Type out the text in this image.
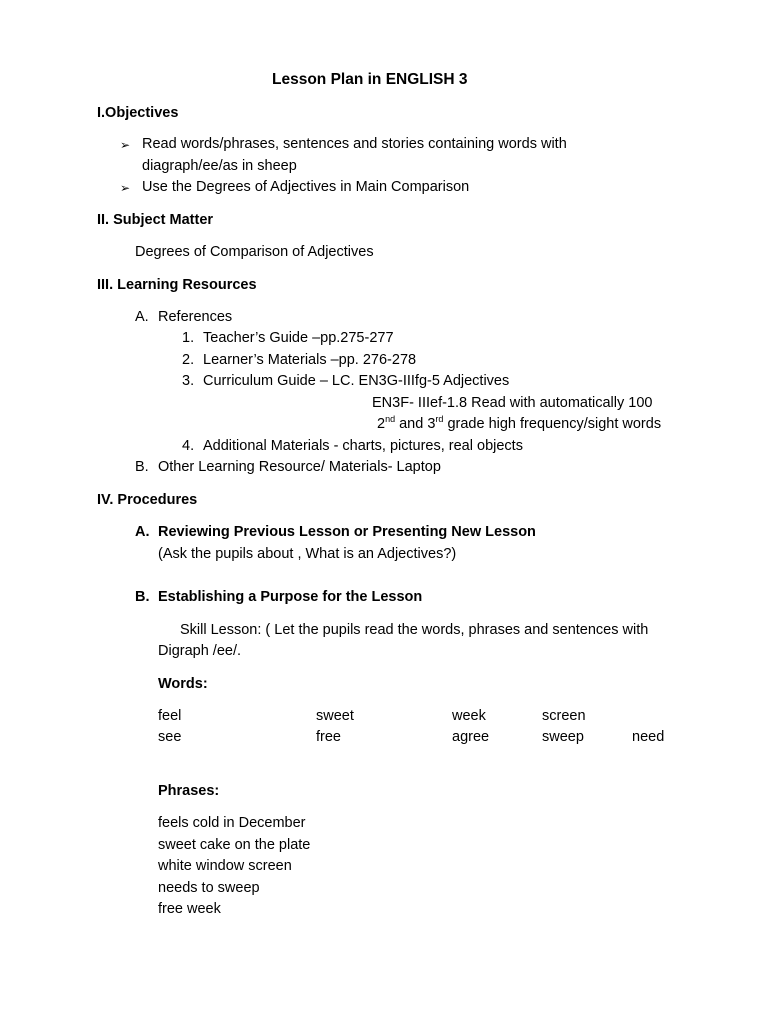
Lesson Plan in ENGLISH 3
I.Objectives
➢ Read words/phrases, sentences and stories containing words with
diagraph/ee/as in sheep
➢ Use the Degrees of Adjectives in Main Comparison
II. Subject Matter
Degrees of Comparison of Adjectives
III. Learning Resources
A. References
1. Teacher’s Guide –pp.275-277
2. Learner’s Materials –pp. 276-278
3. Curriculum Guide – LC. EN3G-IIIfg-5 Adjectives
EN3F- IIIef-1.8 Read with automatically 100
2nd and 3rd grade high frequency/sight words
4. Additional Materials - charts, pictures, real objects
B. Other Learning Resource/ Materials- Laptop
IV. Procedures
A. Reviewing Previous Lesson or Presenting New Lesson
(Ask the pupils about , What is an Adjectives?)
B. Establishing a Purpose for the Lesson
Skill Lesson: ( Let the pupils read the words, phrases and sentences with
Digraph /ee/.
Words:
feel	sweet	week	screen
see	free	agree	sweep	need
Phrases:
feels cold in December
sweet cake on the plate
white window screen
needs to sweep
free week
